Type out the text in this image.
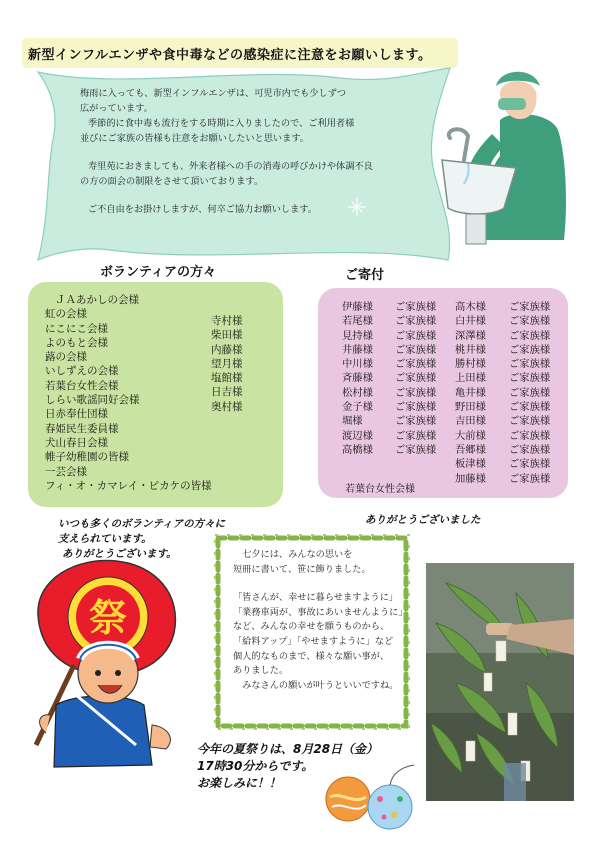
新型インフルエンザや食中毒などの感染症に注意をお願いします。

梅雨に入っても、新型インフルエンザは、可児市内でも少しずつ

広がっています。

季節的に食中毒も流行をする時期に入りましたので、ご利用者様

並びにご家族の皆様も注意をお願いしたいと思います。

寿里苑におきましても、外来者様への手の消毒の呼びかけや体調不良

の方の面会の制限をさせて頂いております。

ご不自由をお掛けしますが、何卒ご協力お願いします。

ボランティアの方々
ＪＡあかしの会様
虹の会様
にこにこ会様
よのもと会様
蕗の会様
いしずえの会様
若葉台女性会様
しらい歌謡同好会様
日赤奉仕団様
春姫民生委員様
犬山春日会様
帷子幼稚園の皆様
一芸会様
フィ・オ・カマレイ・ピカケの皆様
寺村様
柴田様
内藤様
望月様
塩館様
日吉様
奥村様
ご寄付
伊藤様
若尾様
見持様
井藤様
中川様
斉藤様
松村様
金子様
堀様
渡辺様
高橋様
ご家族様
ご家族様
ご家族様
ご家族様
ご家族様
ご家族様
ご家族様
ご家族様
ご家族様
ご家族様
ご家族様
高木様
白井様
深澤様
桃井様
勝村様
上田様
亀井様
野田様
吉田様
大前様
吾郷様
板津様
加藤様
ご家族様
ご家族様
ご家族様
ご家族様
ご家族様
ご家族様
ご家族様
ご家族様
ご家族様
ご家族様
ご家族様
ご家族様
ご家族様
若葉台女性会様
いつも多くのボランティアの方々に
支えられています。
ありがとうございます。
ありがとうございました
　七夕には、みんなの思いを
短冊に書いて、笹に飾りました。
「皆さんが、幸せに暮らせますように」
「業務車両が、事故にあいませんように」
など、みんなの幸せを願うものから、
「給料アップ」「やせますように」など
個人的なものまで、様々な願い事が、
ありました。
　みなさんの願いが叶うといいですね。
今年の夏祭りは、8月28日（金）
17時30分からです。
お楽しみに！！
祭
